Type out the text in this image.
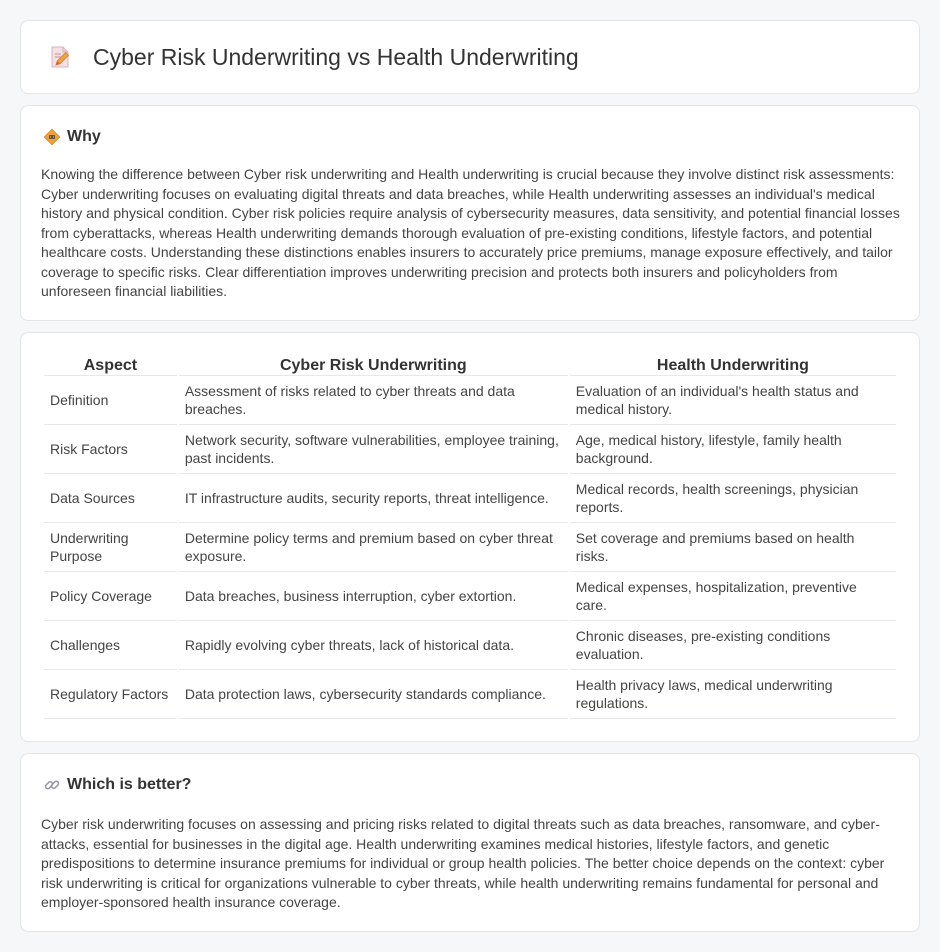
Cyber Risk Underwriting vs Health Underwriting
Why

Knowing the difference between Cyber risk underwriting and Health underwriting is crucial because they involve distinct risk assessments: Cyber underwriting focuses on evaluating digital threats and data breaches, while Health underwriting assesses an individual's medical history and physical condition. Cyber risk policies require analysis of cybersecurity measures, data sensitivity, and potential financial losses from cyberattacks, whereas Health underwriting demands thorough evaluation of pre-existing conditions, lifestyle factors, and potential healthcare costs. Understanding these distinctions enables insurers to accurately price premiums, manage exposure effectively, and tailor coverage to specific risks. Clear differentiation improves underwriting precision and protects both insurers and policyholders from unforeseen financial liabilities.

Aspect	Cyber Risk Underwriting	Health Underwriting
Definition	Assessment of risks related to cyber threats and data breaches.	Evaluation of an individual's health status and medical history.
Risk Factors	Network security, software vulnerabilities, employee training, past incidents.	Age, medical history, lifestyle, family health background.
Data Sources	IT infrastructure audits, security reports, threat intelligence.	Medical records, health screenings, physician reports.
Underwriting Purpose	Determine policy terms and premium based on cyber threat exposure.	Set coverage and premiums based on health risks.
Policy Coverage	Data breaches, business interruption, cyber extortion.	Medical expenses, hospitalization, preventive care.
Challenges	Rapidly evolving cyber threats, lack of historical data.	Chronic diseases, pre-existing conditions evaluation.
Regulatory Factors	Data protection laws, cybersecurity standards compliance.	Health privacy laws, medical underwriting regulations.
Which is better?

Cyber risk underwriting focuses on assessing and pricing risks related to digital threats such as data breaches, ransomware, and cyber-attacks, essential for businesses in the digital age. Health underwriting examines medical histories, lifestyle factors, and genetic predispositions to determine insurance premiums for individual or group health policies. The better choice depends on the context: cyber risk underwriting is critical for organizations vulnerable to cyber threats, while health underwriting remains fundamental for personal and employer-sponsored health insurance coverage.
